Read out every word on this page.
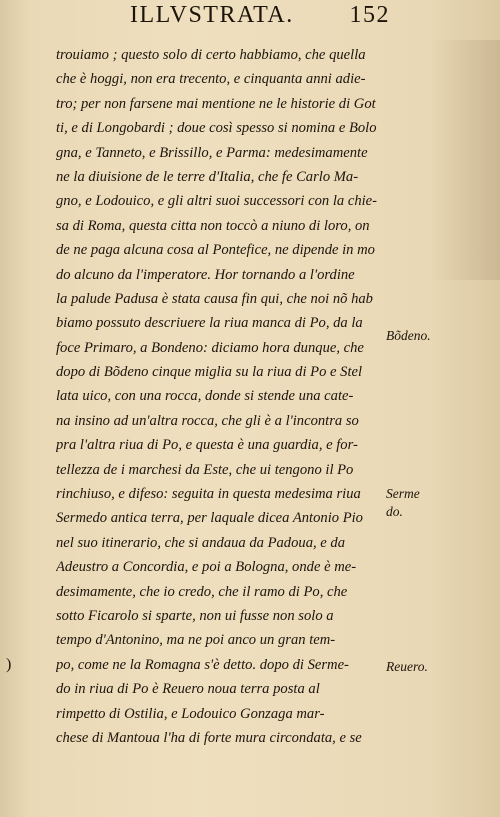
ILLVSTRATA. 152
trouiamo ; questo solo di certo habbiamo, che quella
che è hoggi, non era trecento, e cinquanta anni adie-
tro; per non farsene mai mentione ne le historie di Got
ti, e di Longobardi ; doue così spesso si nomina e Bolo
gna, e Tanneto, e Brissillo, e Parma: medesimamente
ne la diuisione de le terre d'Italia, che fe Carlo Ma-
gno, e Lodouico, e gli altri suoi successori con la chie-
sa di Roma, questa citta non toccò a niuno di loro, on
de ne paga alcuna cosa al Pontefice, ne dipende in mo
do alcuno da l'imperatore. Hor tornando a l'ordine
la palude Padusa è stata causa fin qui, che noi nõ hab
biamo possuto descriuere la riua manca di Po, da la
foce Primaro, a Bondeno: diciamo hora dunque, che
dopo di Bõdeno cinque miglia su la riua di Po e Stel
lata uico, con una rocca, donde si stende una cate-
na insino ad un'altra rocca, che gli è a l'incontra so
pra l'altra riua di Po, e questa è una guardia, e for-
tellezza de i marchesi da Este, che ui tengono il Po
rinchiuso, e difeso: seguita in questa medesima riua
Sermedo antica terra, per laquale dicea Antonio Pio
nel suo itinerario, che si andaua da Padoua, e da
Adeustro a Concordia, e poi a Bologna, onde è me-
desimamente, che io credo, che il ramo di Po, che
sotto Ficarolo si sparte, non ui fusse non solo a
tempo d'Antonino, ma ne poi anco un gran tem-
po, come ne la Romagna s'è detto. dopo di Serme-
do in riua di Po è Reuero noua terra posta al
rimpetto di Ostilia, e Lodouico Gonzaga mar-
chese di Mantoua l'ha di forte mura circondata, e se
Bõdeno.
Serme
do.
Reuero.
)
